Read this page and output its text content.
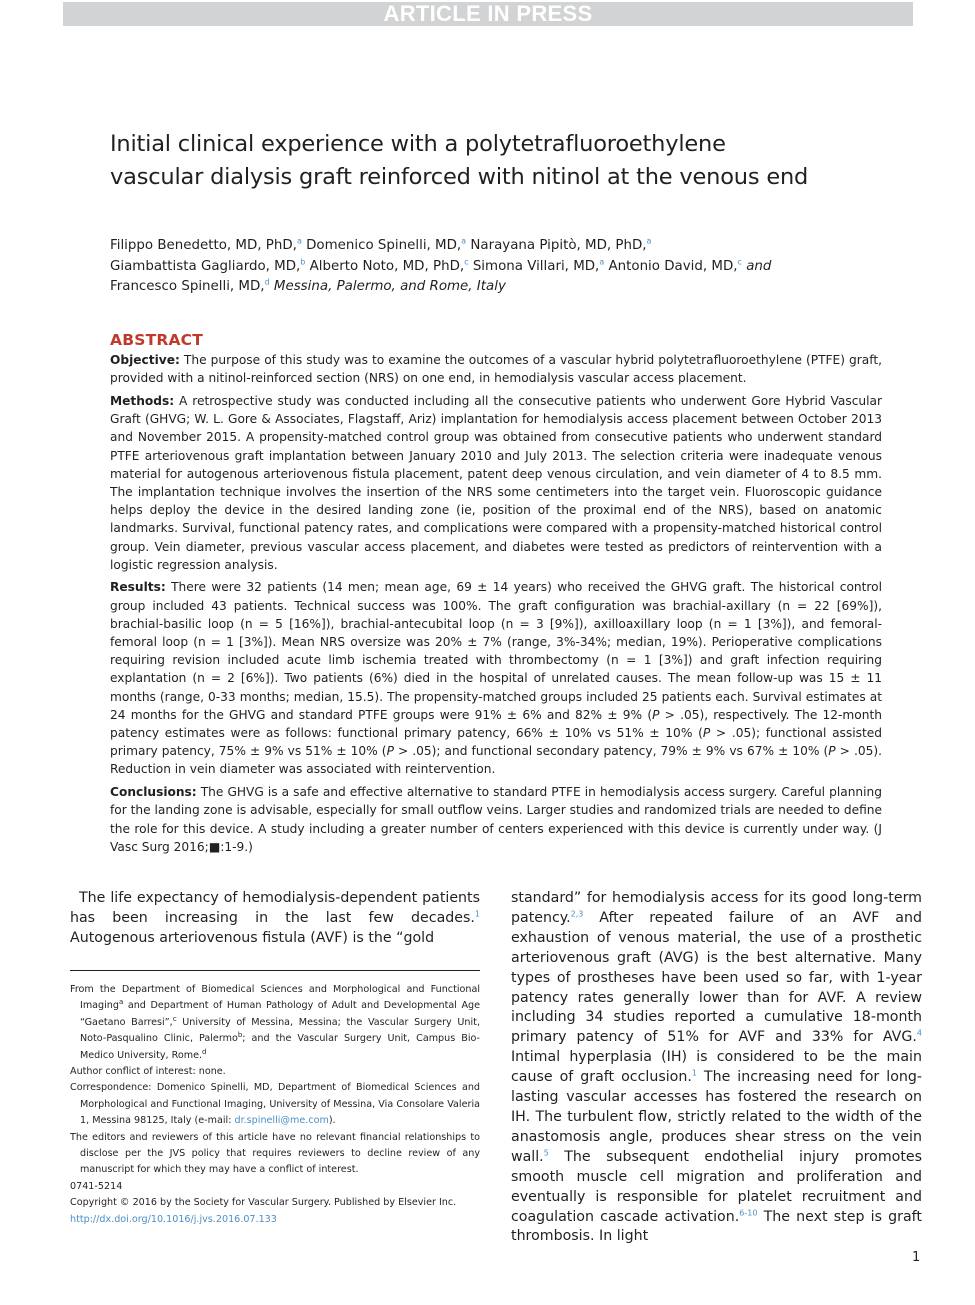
ARTICLE IN PRESS
Initial clinical experience with a polytetrafluoroethylene vascular dialysis graft reinforced with nitinol at the venous end
Filippo Benedetto, MD, PhD,$^a$ Domenico Spinelli, MD,$^a$ Narayana Pipitò, MD, PhD,$^a$
Giambattista Gagliardo, MD,$^b$ Alberto Noto, MD, PhD,$^c$ Simona Villari, MD,$^a$ Antonio David, MD,$^c$ and
Francesco Spinelli, MD,$^d$ Messina, Palermo, and Rome, Italy
ABSTRACT

Objective: The purpose of this study was to examine the outcomes of a vascular hybrid polytetrafluoroethylene (PTFE) graft, provided with a nitinol-reinforced section (NRS) on one end, in hemodialysis vascular access placement.

Methods: A retrospective study was conducted including all the consecutive patients who underwent Gore Hybrid Vascular Graft (GHVG; W. L. Gore & Associates, Flagstaff, Ariz) implantation for hemodialysis access placement between October 2013 and November 2015. A propensity-matched control group was obtained from consecutive patients who underwent standard PTFE arteriovenous graft implantation between January 2010 and July 2013. The selection criteria were inadequate venous material for autogenous arteriovenous fistula placement, patent deep venous circulation, and vein diameter of 4 to 8.5 mm. The implantation technique involves the insertion of the NRS some centimeters into the target vein. Fluoroscopic guidance helps deploy the device in the desired landing zone (ie, position of the proximal end of the NRS), based on anatomic landmarks. Survival, functional patency rates, and complications were compared with a propensity-matched historical control group. Vein diameter, previous vascular access placement, and diabetes were tested as predictors of reintervention with a logistic regression analysis.

Results: There were 32 patients (14 men; mean age, 69 ± 14 years) who received the GHVG graft. The historical control group included 43 patients. Technical success was 100%. The graft configuration was brachial-axillary (n = 22 [69%]), brachial-basilic loop (n = 5 [16%]), brachial-antecubital loop (n = 3 [9%]), axilloaxillary loop (n = 1 [3%]), and femoral-femoral loop (n = 1 [3%]). Mean NRS oversize was 20% ± 7% (range, 3%-34%; median, 19%). Perioperative complications requiring revision included acute limb ischemia treated with thrombectomy (n = 1 [3%]) and graft infection requiring explantation (n = 2 [6%]). Two patients (6%) died in the hospital of unrelated causes. The mean follow-up was 15 ± 11 months (range, 0-33 months; median, 15.5). The propensity-matched groups included 25 patients each. Survival estimates at 24 months for the GHVG and standard PTFE groups were 91% ± 6% and 82% ± 9% (P > .05), respectively. The 12-month patency estimates were as follows: functional primary patency, 66% ± 10% vs 51% ± 10% (P > .05); functional assisted primary patency, 75% ± 9% vs 51% ± 10% (P > .05); and functional secondary patency, 79% ± 9% vs 67% ± 10% (P > .05). Reduction in vein diameter was associated with reintervention.

Conclusions: The GHVG is a safe and effective alternative to standard PTFE in hemodialysis access surgery. Careful planning for the landing zone is advisable, especially for small outflow veins. Larger studies and randomized trials are needed to define the role for this device. A study including a greater number of centers experienced with this device is currently under way. (J Vasc Surg 2016;■:1-9.)

The life expectancy of hemodialysis-dependent patients has been increasing in the last few decades.$^1$ Autogenous arteriovenous fistula (AVF) is the “gold

From the Department of Biomedical Sciences and Morphological and Functional Imaging$^a$ and Department of Human Pathology of Adult and Developmental Age “Gaetano Barresi”,$^c$ University of Messina, Messina; the Vascular Surgery Unit, Noto-Pasqualino Clinic, Palermo$^b$; and the Vascular Surgery Unit, Campus Bio-Medico University, Rome.$^d$

Author conflict of interest: none.

Correspondence: Domenico Spinelli, MD, Department of Biomedical Sciences and Morphological and Functional Imaging, University of Messina, Via Consolare Valeria 1, Messina 98125, Italy (e-mail: dr.spinelli@me.com).

The editors and reviewers of this article have no relevant financial relationships to disclose per the JVS policy that requires reviewers to decline review of any manuscript for which they may have a conflict of interest.

0741-5214

Copyright © 2016 by the Society for Vascular Surgery. Published by Elsevier Inc.

http://dx.doi.org/10.1016/j.jvs.2016.07.133

standard” for hemodialysis access for its good long-term patency.$^{2,3}$ After repeated failure of an AVF and exhaustion of venous material, the use of a prosthetic arteriovenous graft (AVG) is the best alternative. Many types of prostheses have been used so far, with 1-year patency rates generally lower than for AVF. A review including 34 studies reported a cumulative 18-month primary patency of 51% for AVF and 33% for AVG.$^4$ Intimal hyperplasia (IH) is considered to be the main cause of graft occlusion.$^1$ The increasing need for long-lasting vascular accesses has fostered the research on IH. The turbulent flow, strictly related to the width of the anastomosis angle, produces shear stress on the vein wall.$^5$ The subsequent endothelial injury promotes smooth muscle cell migration and proliferation and eventually is responsible for platelet recruitment and coagulation cascade activation.$^{6-10}$ The next step is graft thrombosis. In light

1
